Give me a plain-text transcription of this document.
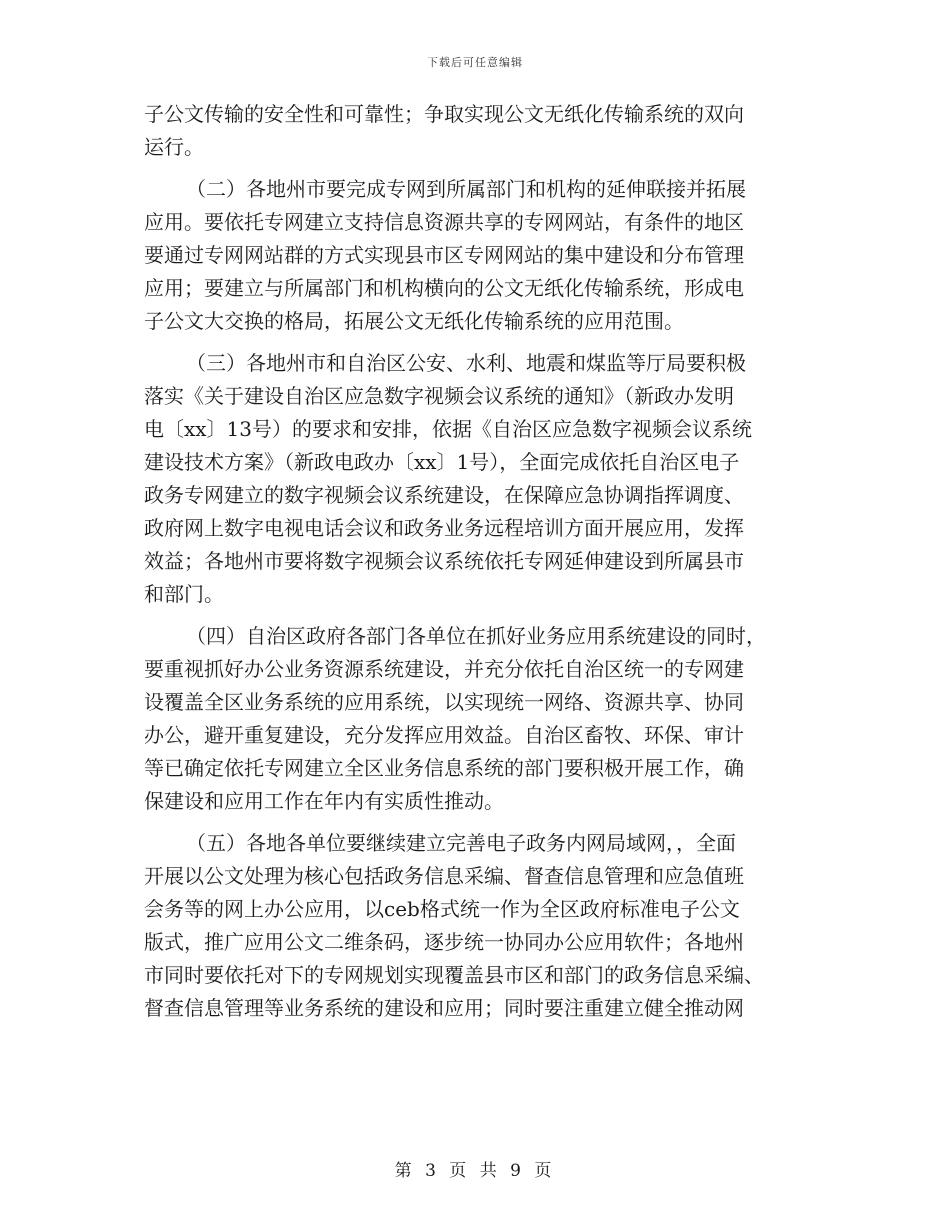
下载后可任意编辑
子公文传输的安全性和可靠性；争取实现公文无纸化传输系统的双向
运行。
（二）各地州市要完成专网到所属部门和机构的延伸联接并拓展
应用。要依托专网建立支持信息资源共享的专网网站，有条件的地区
要通过专网网站群的方式实现县市区专网网站的集中建设和分布管理
应用；要建立与所属部门和机构横向的公文无纸化传输系统，形成电
子公文大交换的格局，拓展公文无纸化传输系统的应用范围。
（三）各地州市和自治区公安、水利、地震和煤监等厅局要积极
落实《关于建设自治区应急数字视频会议系统的通知》（新政办发明
电〔xx〕13号）的要求和安排，依据《自治区应急数字视频会议系统
建设技术方案》（新政电政办〔xx〕1号），全面完成依托自治区电子
政务专网建立的数字视频会议系统建设，在保障应急协调指挥调度、
政府网上数字电视电话会议和政务业务远程培训方面开展应用，发挥
效益；各地州市要将数字视频会议系统依托专网延伸建设到所属县市
和部门。
（四）自治区政府各部门各单位在抓好业务应用系统建设的同时，
要重视抓好办公业务资源系统建设，并充分依托自治区统一的专网建
设覆盖全区业务系统的应用系统，以实现统一网络、资源共享、协同
办公，避开重复建设，充分发挥应用效益。自治区畜牧、环保、审计
等已确定依托专网建立全区业务信息系统的部门要积极开展工作，确
保建设和应用工作在年内有实质性推动。
（五）各地各单位要继续建立完善电子政务内网局域网，，全面
开展以公文处理为核心包括政务信息采编、督查信息管理和应急值班
会务等的网上办公应用，以ceb格式统一作为全区政府标准电子公文
版式，推广应用公文二维条码，逐步统一协同办公应用软件；各地州
市同时要依托对下的专网规划实现覆盖县市区和部门的政务信息采编、
督查信息管理等业务系统的建设和应用；同时要注重建立健全推动网
第 3 页 共 9 页
